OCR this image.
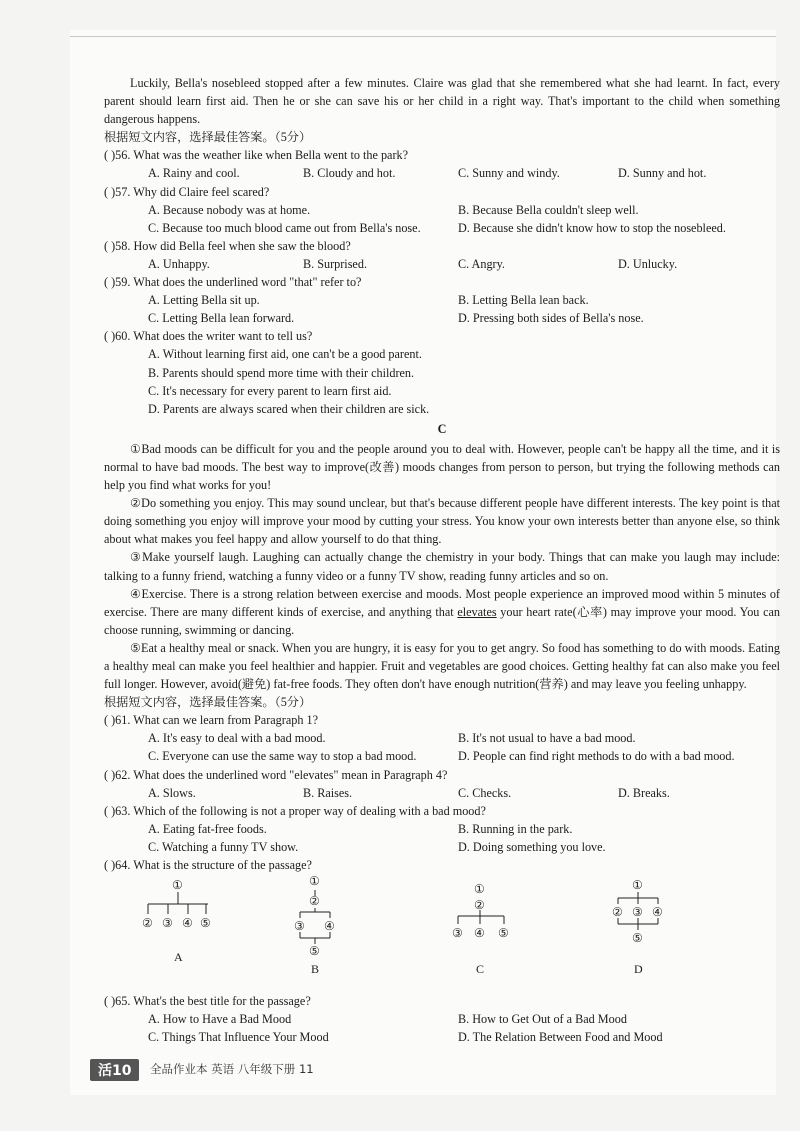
Luckily, Bella's nosebleed stopped after a few minutes. Claire was glad that she remembered what she had learnt. In fact, every parent should learn first aid. Then he or she can save his or her child in a right way. That's important to the child when something dangerous happens.

根据短文内容，选择最佳答案。（5分）

( )56. What was the weather like when Bella went to the park?

A. Rainy and cool.	B. Cloudy and hot.	C. Sunny and windy.	D. Sunny and hot.

( )57. Why did Claire feel scared?

A. Because nobody was at home.	B. Because Bella couldn't sleep well.
C. Because too much blood came out from Bella's nose.	D. Because she didn't know how to stop the nosebleed.

( )58. How did Bella feel when she saw the blood?

A. Unhappy.	B. Surprised.	C. Angry.	D. Unlucky.

( )59. What does the underlined word "that" refer to?

A. Letting Bella sit up.	B. Letting Bella lean back.
C. Letting Bella lean forward.	D. Pressing both sides of Bella's nose.

( )60. What does the writer want to tell us?

A. Without learning first aid, one can't be a good parent.
B. Parents should spend more time with their children.
C. It's necessary for every parent to learn first aid.
D. Parents are always scared when their children are sick.
C

①Bad moods can be difficult for you and the people around you to deal with. However, people can't be happy all the time, and it is normal to have bad moods. The best way to improve(改善) moods changes from person to person, but trying the following methods can help you find what works for you!

②Do something you enjoy. This may sound unclear, but that's because different people have different interests. The key point is that doing something you enjoy will improve your mood by cutting your stress. You know your own interests better than anyone else, so think about what makes you feel happy and allow yourself to do that thing.

③Make yourself laugh. Laughing can actually change the chemistry in your body. Things that can make you laugh may include: talking to a funny friend, watching a funny video or a funny TV show, reading funny articles and so on.

④Exercise. There is a strong relation between exercise and moods. Most people experience an improved mood within 5 minutes of exercise. There are many different kinds of exercise, and anything that elevates your heart rate(心率) may improve your mood. You can choose running, swimming or dancing.

⑤Eat a healthy meal or snack. When you are hungry, it is easy for you to get angry. So food has something to do with moods. Eating a healthy meal can make you feel healthier and happier. Fruit and vegetables are good choices. Getting healthy fat can also make you feel full longer. However, avoid(避免) fat-free foods. They often don't have enough nutrition(营养) and may leave you feeling unhappy.

根据短文内容，选择最佳答案。（5分）

( )61. What can we learn from Paragraph 1?

A. It's easy to deal with a bad mood.	B. It's not usual to have a bad mood.
C. Everyone can use the same way to stop a bad mood.	D. People can find right methods to do with a bad mood.

( )62. What does the underlined word "elevates" mean in Paragraph 4?

A. Slows.	B. Raises.	C. Checks.	D. Breaks.

( )63. Which of the following is not a proper way of dealing with a bad mood?

A. Eating fat-free foods.	B. Running in the park.
C. Watching a funny TV show.	D. Doing something you love.

( )64. What is the structure of the passage?

①
② ③ ④ ⑤
A
①
②
③ ④
⑤
B
①
②
③ ④ ⑤
C
①
② ③ ④
⑤
D

( )65. What's the best title for the passage?

A. How to Have a Bad Mood	B. How to Get Out of a Bad Mood
C. Things That Influence Your Mood	D. The Relation Between Food and Mood
活10	全品作业本 英语 八年级下册 11
